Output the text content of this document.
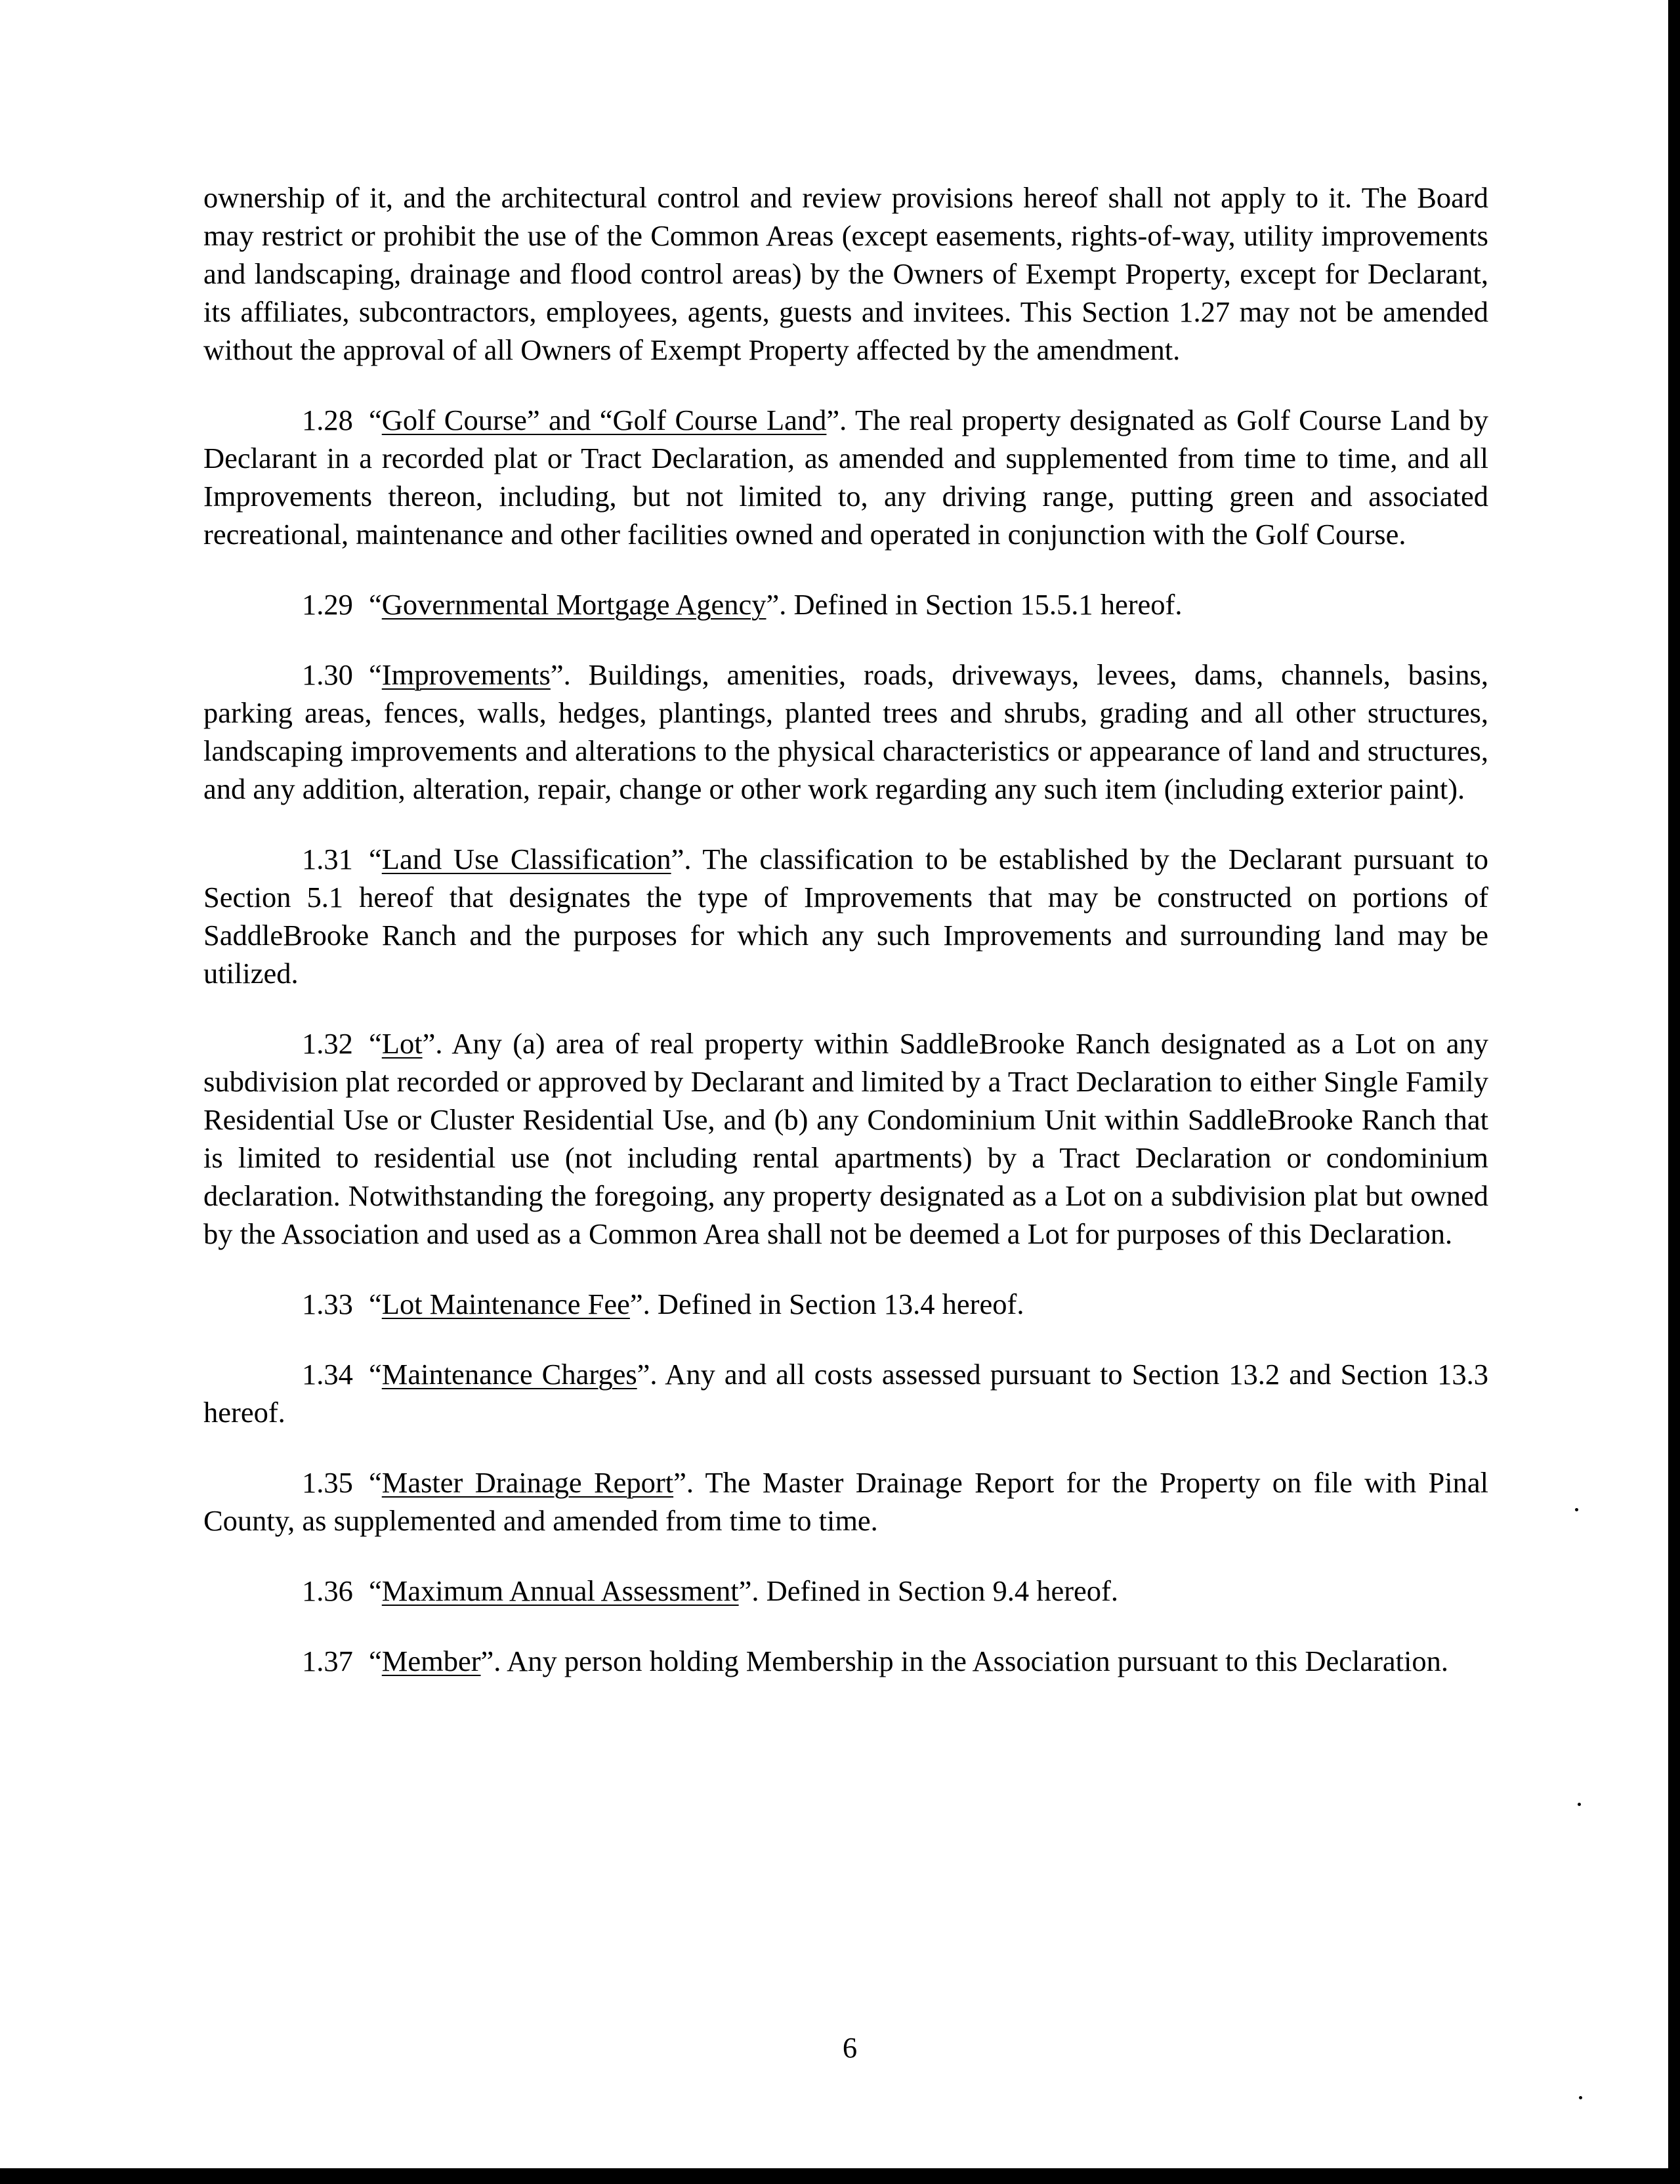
ownership of it, and the architectural control and review provisions hereof shall not apply to it. The Board may restrict or prohibit the use of the Common Areas (except easements, rights-of-way, utility improvements and landscaping, drainage and flood control areas) by the Owners of Exempt Property, except for Declarant, its affiliates, subcontractors, employees, agents, guests and invitees. This Section 1.27 may not be amended without the approval of all Owners of Exempt Property affected by the amendment.

1.28 “Golf Course” and “Golf Course Land”. The real property designated as Golf Course Land by Declarant in a recorded plat or Tract Declaration, as amended and supplemented from time to time, and all Improvements thereon, including, but not limited to, any driving range, putting green and associated recreational, maintenance and other facilities owned and operated in conjunction with the Golf Course.

1.29 “Governmental Mortgage Agency”. Defined in Section 15.5.1 hereof.

1.30 “Improvements”. Buildings, amenities, roads, driveways, levees, dams, channels, basins, parking areas, fences, walls, hedges, plantings, planted trees and shrubs, grading and all other structures, landscaping improvements and alterations to the physical characteristics or appearance of land and structures, and any addition, alteration, repair, change or other work regarding any such item (including exterior paint).

1.31 “Land Use Classification”. The classification to be established by the Declarant pursuant to Section 5.1 hereof that designates the type of Improvements that may be constructed on portions of SaddleBrooke Ranch and the purposes for which any such Improvements and surrounding land may be utilized.

1.32 “Lot”. Any (a) area of real property within SaddleBrooke Ranch designated as a Lot on any subdivision plat recorded or approved by Declarant and limited by a Tract Declaration to either Single Family Residential Use or Cluster Residential Use, and (b) any Condominium Unit within SaddleBrooke Ranch that is limited to residential use (not including rental apartments) by a Tract Declaration or condominium declaration. Notwithstanding the foregoing, any property designated as a Lot on a subdivision plat but owned by the Association and used as a Common Area shall not be deemed a Lot for purposes of this Declaration.

1.33 “Lot Maintenance Fee”. Defined in Section 13.4 hereof.

1.34 “Maintenance Charges”. Any and all costs assessed pursuant to Section 13.2 and Section 13.3 hereof.

1.35 “Master Drainage Report”. The Master Drainage Report for the Property on file with Pinal County, as supplemented and amended from time to time.

1.36 “Maximum Annual Assessment”. Defined in Section 9.4 hereof.

1.37 “Member”. Any person holding Membership in the Association pursuant to this Declaration.

6
